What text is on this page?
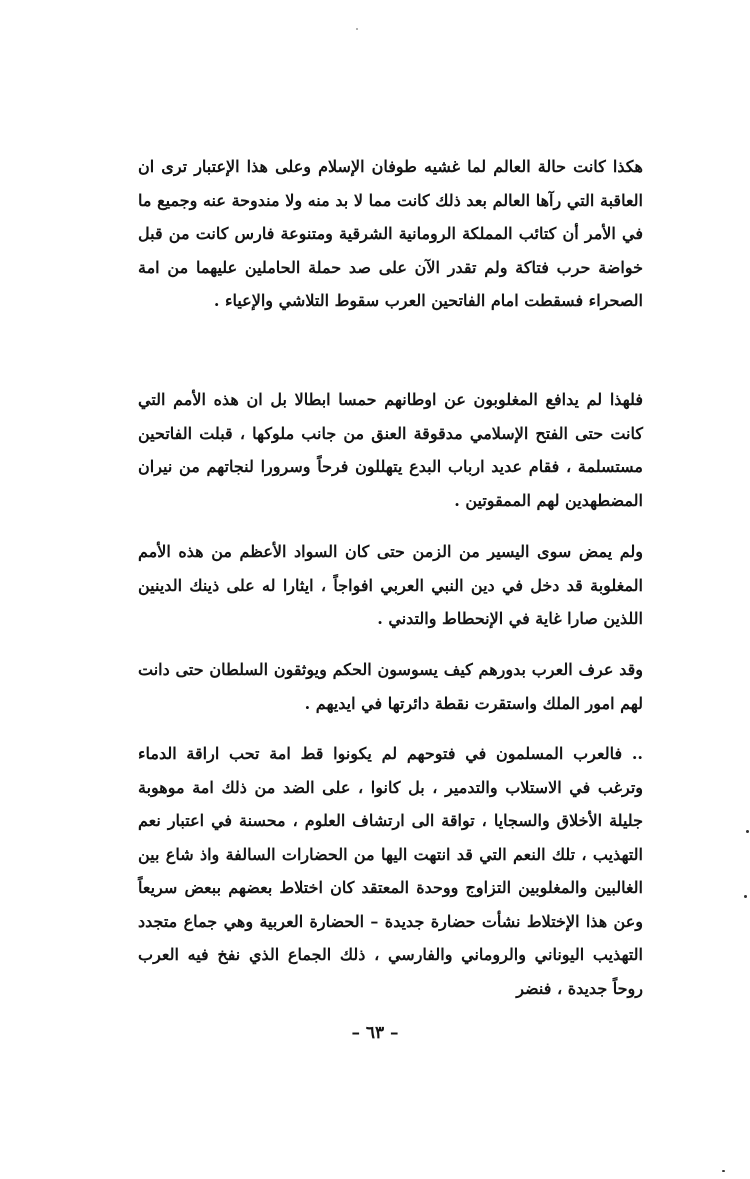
هكذا كانت حالة العالم لما غشيه طوفان الإسلام وعلى هذا الإعتبار ترى ان العاقبة التي رآها العالم بعد ذلك كانت مما لا بد منه ولا مندوحة عنه وجميع ما في الأمر أن كتائب المملكة الرومانية الشرقية ومتنوعة فارس كانت من قبل خواضة حرب فتاكة ولم تقدر الآن على صد حملة الحاملين عليهما من امة الصحراء فسقطت امام الفاتحين العرب سقوط التلاشي والإعياء .

فلهذا لم يدافع المغلوبون عن اوطانهم حمسا ابطالا بل ان هذه الأمم التي كانت حتى الفتح الإسلامي مدقوقة العنق من جانب ملوكها ، قبلت الفاتحين مستسلمة ، فقام عديد ارباب البدع يتهللون فرحاً وسرورا لنجاتهم من نيران المضطهدين لهم الممقوتين .

ولم يمض سوى اليسير من الزمن حتى كان السواد الأعظم من هذه الأمم المغلوبة قد دخل في دين النبي العربي افواجاً ، ايثارا له على ذينك الدينين اللذين صارا غاية في الإنحطاط والتدني .

وقد عرف العرب بدورهم كيف يسوسون الحكم ويوثقون السلطان حتى دانت لهم امور الملك واستقرت نقطة دائرتها في ايديهم .

.. فالعرب المسلمون في فتوحهم لم يكونوا قط امة تحب اراقة الدماء وترغب في الاستلاب والتدمير ، بل كانوا ، على الضد من ذلك امة موهوبة جليلة الأخلاق والسجايا ، تواقة الى ارتشاف العلوم ، محسنة في اعتبار نعم التهذيب ، تلك النعم التي قد انتهت اليها من الحضارات السالفة واذ شاع بين الغالبين والمغلوبين التزاوج ووحدة المعتقد كان اختلاط بعضهم ببعض سريعاً وعن هذا الإختلاط نشأت حضارة جديدة – الحضارة العربية وهي جماع متجدد التهذيب اليوناني والروماني والفارسي ، ذلك الجماع الذي نفخ فيه العرب روحاً جديدة ، فنضر

– ٦٣ –
